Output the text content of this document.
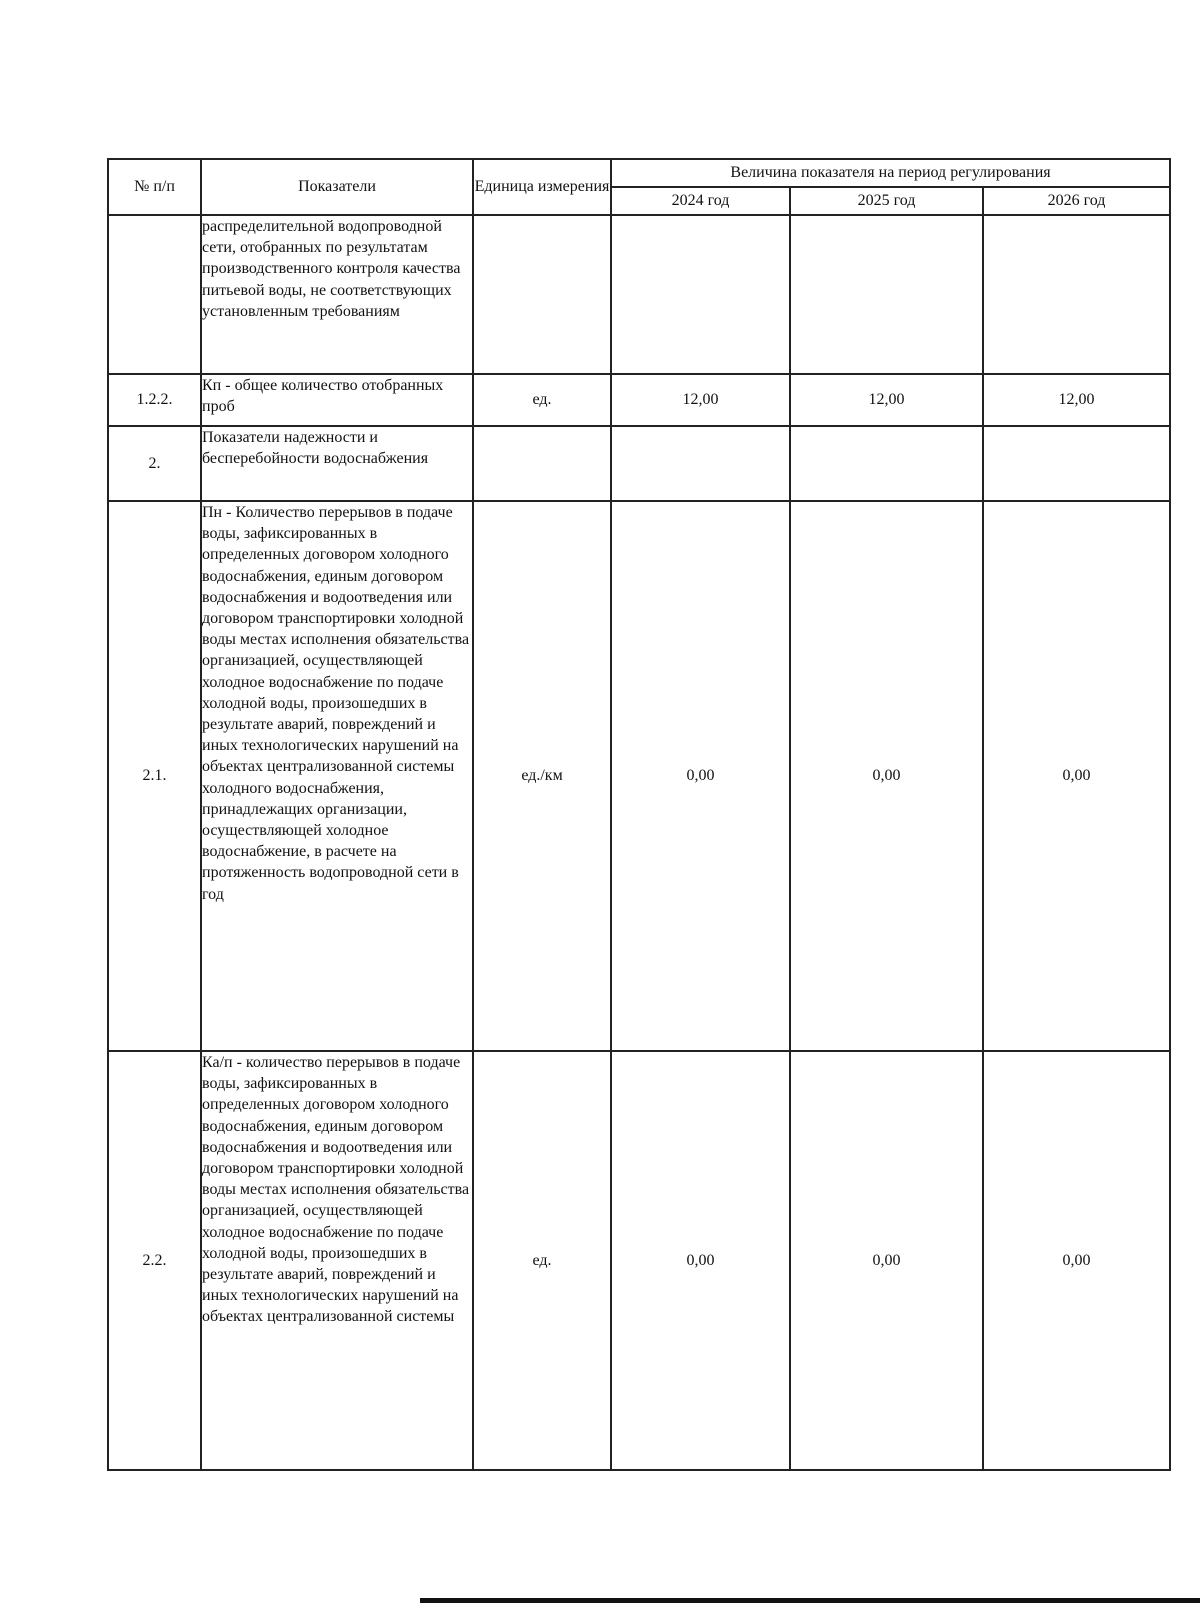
№ п/п	Показатели	Единица измерения	Величина показателя на период регулирования		
			2024 год	2025 год	2026 год
	распределительной водопроводной сети, отобранных по результатам производственного контроля качества питьевой воды, не соответствующих установленным требованиям				
1.2.2.	Кп - общее количество отобранных проб	ед.	12,00	12,00	12,00
2.	Показатели надежности и бесперебойности водоснабжения				
2.1.	Пн - Количество перерывов в подаче воды, зафиксированных в определенных договором холодного водоснабжения, единым договором водоснабжения и водоотведения или договором транспортировки холодной воды местах исполнения обязательства организацией, осуществляющей холодное водоснабжение по подаче холодной воды, произошедших в результате аварий, повреждений и иных технологических нарушений на объектах централизованной системы холодного водоснабжения, принадлежащих организации, осуществляющей холодное водоснабжение, в расчете на протяженность водопроводной сети в год	ед./км	0,00	0,00	0,00
2.2.	Ка/п - количество перерывов в подаче воды, зафиксированных в определенных договором холодного водоснабжения, единым договором водоснабжения и водоотведения или договором транспортировки холодной воды местах исполнения обязательства организацией, осуществляющей холодное водоснабжение по подаче холодной воды, произошедших в результате аварий, повреждений и иных технологических нарушений на объектах централизованной системы	ед.	0,00	0,00	0,00
